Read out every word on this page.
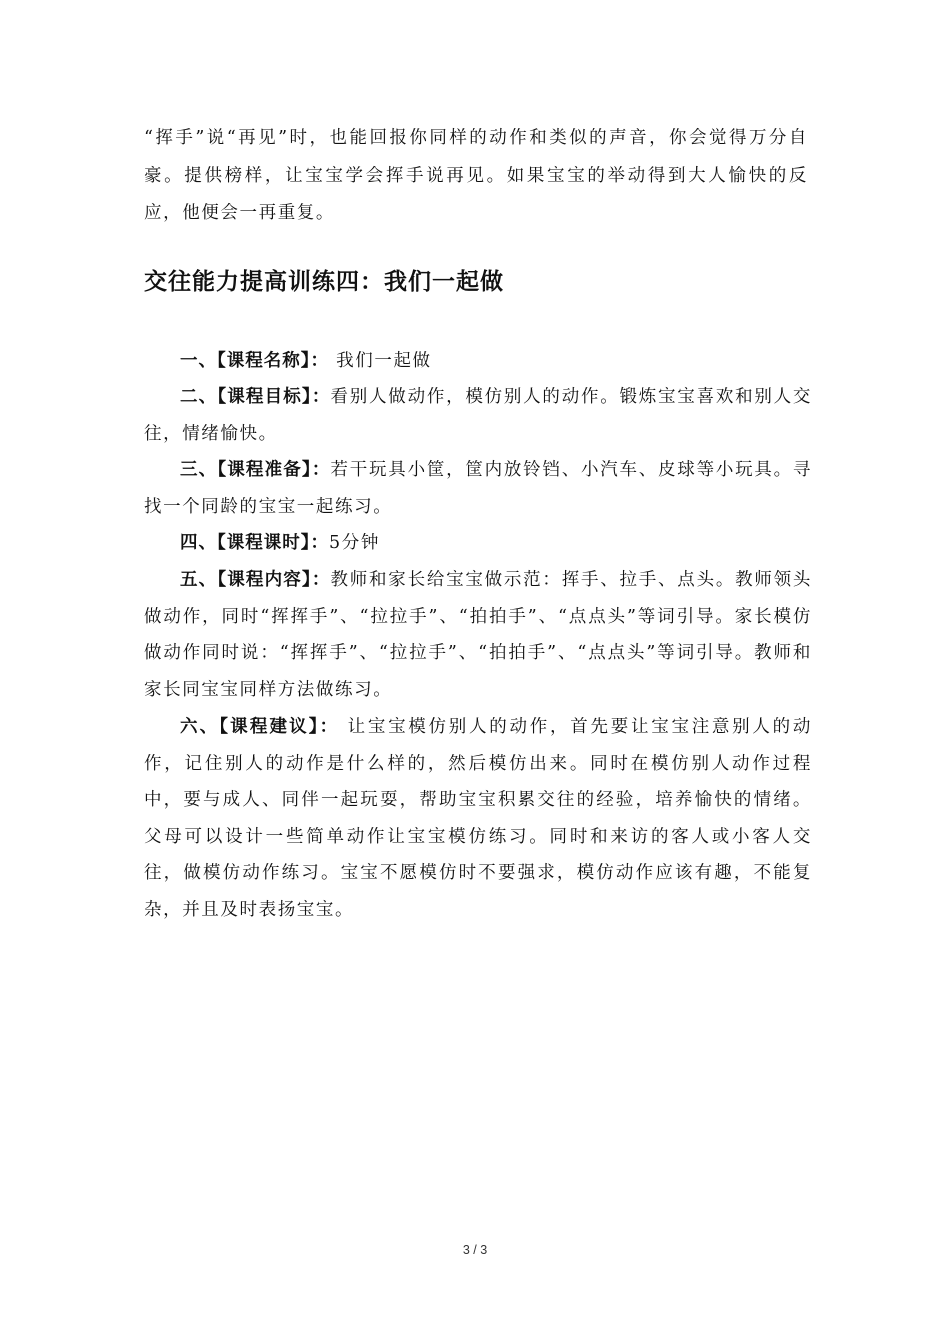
“挥手”说“再见”时，也能回报你同样的动作和类似的声音，你会觉得万分自豪。提供榜样，让宝宝学会挥手说再见。如果宝宝的举动得到大人愉快的反应，他便会一再重复。

交往能力提高训练四：我们一起做

一、【课程名称】： 我们一起做

二、【课程目标】：看别人做动作，模仿别人的动作。锻炼宝宝喜欢和别人交往，情绪愉快。

三、【课程准备】：若干玩具小筐，筐内放铃铛、小汽车、皮球等小玩具。寻找一个同龄的宝宝一起练习。

四、【课程课时】：5分钟

五、【课程内容】：教师和家长给宝宝做示范：挥手、拉手、点头。教师领头做动作，同时“挥挥手”、“拉拉手”、“拍拍手”、“点点头”等词引导。家长模仿做动作同时说：“挥挥手”、“拉拉手”、“拍拍手”、“点点头”等词引导。教师和家长同宝宝同样方法做练习。

六、【课程建议】： 让宝宝模仿别人的动作，首先要让宝宝注意别人的动作，记住别人的动作是什么样的，然后模仿出来。同时在模仿别人动作过程中，要与成人、同伴一起玩耍，帮助宝宝积累交往的经验，培养愉快的情绪。父母可以设计一些简单动作让宝宝模仿练习。同时和来访的客人或小客人交往，做模仿动作练习。宝宝不愿模仿时不要强求，模仿动作应该有趣，不能复杂，并且及时表扬宝宝。

3 / 3
